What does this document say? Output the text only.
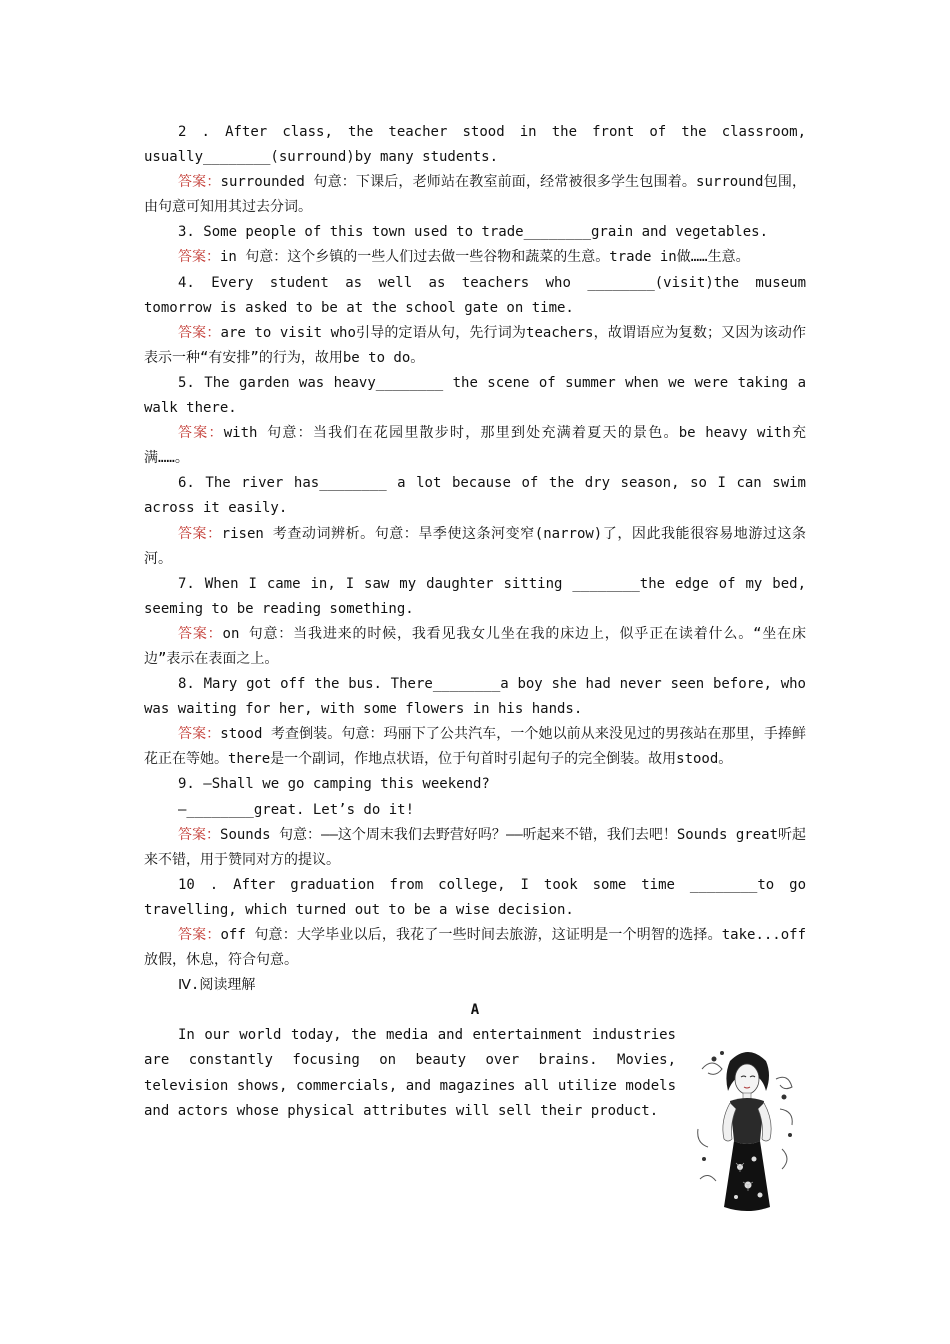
2 . After class, the teacher stood in the front of the classroom, usually________(surround)by many students.

答案：surrounded 句意：下课后，老师站在教室前面，经常被很多学生包围着。surround包围，由句意可知用其过去分词。

3. Some people of this town used to trade________grain and vegetables.

答案：in 句意：这个乡镇的一些人们过去做一些谷物和蔬菜的生意。trade in做……生意。

4. Every student as well as teachers who ________(visit)the museum tomorrow is asked to be at the school gate on time.

答案：are to visit who引导的定语从句，先行词为teachers，故谓语应为复数；又因为该动作表示一种“有安排”的行为，故用be to do。

5. The garden was heavy________ the scene of summer when we were taking a walk there.

答案：with 句意：当我们在花园里散步时，那里到处充满着夏天的景色。be heavy with充满……。

6. The river has________ a lot because of the dry season, so I can swim across it easily.

答案：risen 考查动词辨析。句意：旱季使这条河变窄(narrow)了，因此我能很容易地游过这条河。

7. When I came in, I saw my daughter sitting ________the edge of my bed, seeming to be reading something.

答案：on 句意：当我进来的时候，我看见我女儿坐在我的床边上，似乎正在读着什么。“坐在床边”表示在表面之上。

8. Mary got off the bus. There________a boy she had never seen before, who was waiting for her, with some flowers in his hands.

答案：stood 考查倒装。句意：玛丽下了公共汽车，一个她以前从来没见过的男孩站在那里，手捧鲜花正在等她。there是一个副词，作地点状语，位于句首时引起句子的完全倒装。故用stood。

9. —Shall we go camping this weekend?

—________great. Let’s do it!

答案：Sounds 句意：——这个周末我们去野营好吗？——听起来不错，我们去吧！Sounds great听起来不错，用于赞同对方的提议。

10 . After graduation from college, I took some time ________to go travelling, which turned out to be a wise decision.

答案：off 句意：大学毕业以后，我花了一些时间去旅游，这证明是一个明智的选择。take...off 放假，休息，符合句意。

Ⅳ.阅读理解

A

In our world today, the media and entertainment industries are constantly focusing on beauty over brains. Movies, television shows, commercials, and magazines all utilize models and actors whose physical attributes will sell their product.
